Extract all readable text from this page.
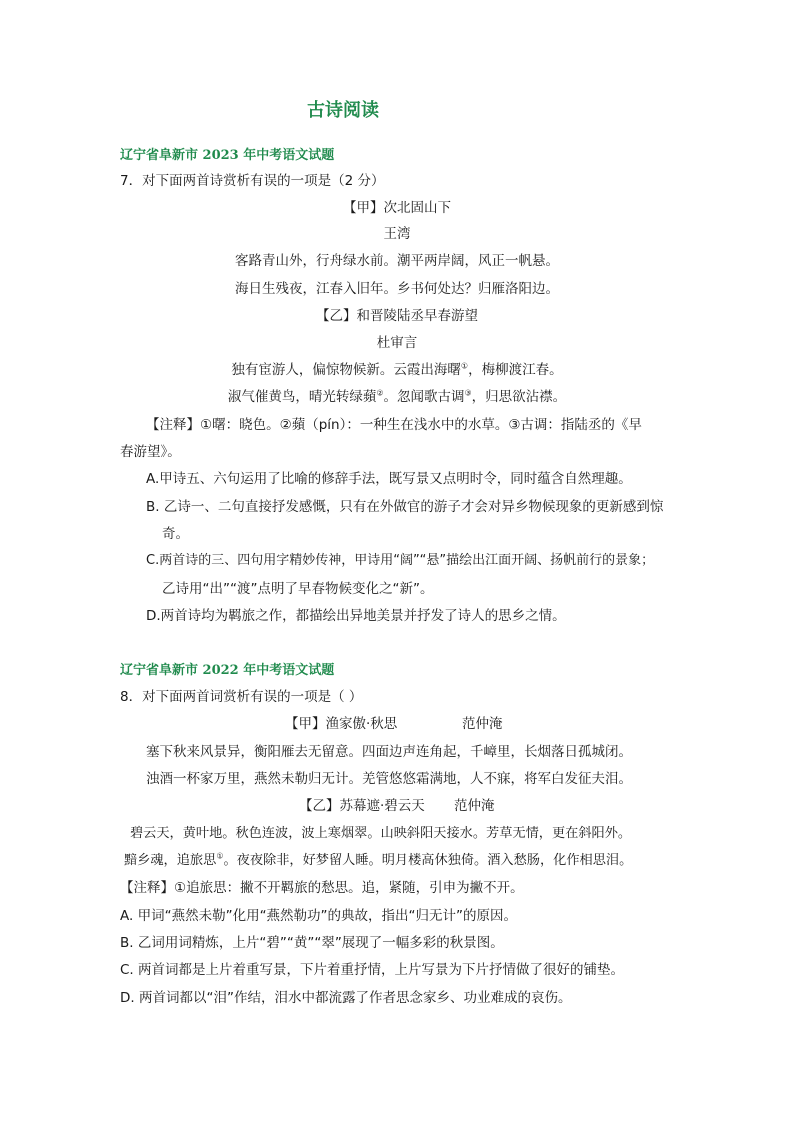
古诗阅读
辽宁省阜新市 2023 年中考语文试题
7．对下面两首诗赏析有误的一项是（2 分）
【甲】次北固山下
王湾
客路青山外，行舟绿水前。潮平两岸阔，风正一帆悬。
海日生残夜，江春入旧年。乡书何处达？归雁洛阳边。
【乙】和晋陵陆丞早春游望
杜审言
独有宦游人，偏惊物候新。云霞出海曙①，梅柳渡江春。
淑气催黄鸟，晴光转绿蘋②。忽闻歌古调③，归思欲沾襟。
【注释】①曙：晓色。②蘋（pín）：一种生在浅水中的水草。③古调：指陆丞的《早
春游望》。
A.甲诗五、六句运用了比喻的修辞手法，既写景又点明时令，同时蕴含自然理趣。
B. 乙诗一、二句直接抒发感慨，只有在外做官的游子才会对异乡物候现象的更新感到惊
奇。
C.两首诗的三、四句用字精妙传神，甲诗用“阔”“悬”描绘出江面开阔、扬帆前行的景象；
乙诗用“出”“渡”点明了早春物候变化之“新”。
D.两首诗均为羁旅之作，都描绘出异地美景并抒发了诗人的思乡之情。
辽宁省阜新市 2022 年中考语文试题
8．对下面两首词赏析有误的一项是（ ）
【甲】渔家傲·秋思	范仲淹
塞下秋来风景异，衡阳雁去无留意。四面边声连角起，千嶂里，长烟落日孤城闭。
浊酒一杯家万里，燕然未勒归无计。羌管悠悠霜满地，人不寐，将军白发征夫泪。
【乙】苏幕遮·碧云天 范仲淹
碧云天，黄叶地。秋色连波，波上寒烟翠。山映斜阳天接水。芳草无情，更在斜阳外。
黯乡魂，追旅思①。夜夜除非，好梦留人睡。明月楼高休独倚。酒入愁肠，化作相思泪。
【注释】①追旅思：撇不开羁旅的愁思。追，紧随，引申为撇不开。
A. 甲词“燕然未勒”化用“燕然勒功”的典故，指出“归无计”的原因。
B. 乙词用词精炼，上片“碧”“黄”“翠”展现了一幅多彩的秋景图。
C. 两首词都是上片着重写景，下片着重抒情，上片写景为下片抒情做了很好的铺垫。
D. 两首词都以“泪”作结，泪水中都流露了作者思念家乡、功业难成的哀伤。
